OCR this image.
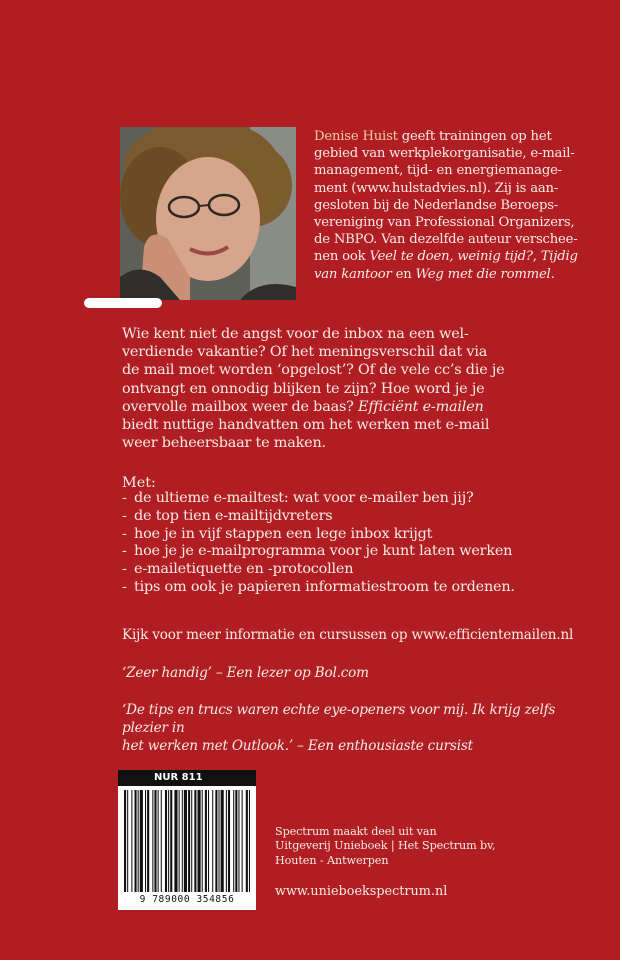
Denise Huist geeft trainingen op het
gebied van werkplekorganisatie, e-mail-
management, tijd- en energiemanage-
ment (www.hulstadvies.nl). Zij is aan-
gesloten bij de Nederlandse Beroeps-
vereniging van Professional Organizers,
de NBPO. Van dezelfde auteur verschee-
nen ook Veel te doen, weinig tijd?, Tijdig
van kantoor en Weg met die rommel.
Wie kent niet de angst voor de inbox na een wel-
verdiende vakantie? Of het meningsverschil dat via
de mail moet worden ‘opgelost’? Of de vele cc’s die je
ontvangt en onnodig blijken te zijn? Hoe word je je
overvolle mailbox weer de baas? Efficiënt e-mailen
biedt nuttige handvatten om het werken met e-mail
weer beheersbaar te maken.
Met:
- de ultieme e-mailtest: wat voor e-mailer ben jij?
- de top tien e-mailtijdvreters
- hoe je in vijf stappen een lege inbox krijgt
- hoe je je e-mailprogramma voor je kunt laten werken
- e-mailetiquette en -protocollen
- tips om ook je papieren informatiestroom te ordenen.
Kijk voor meer informatie en cursussen op www.efficientemailen.nl
‘Zeer handig’ – Een lezer op Bol.com
‘De tips en trucs waren echte eye-openers voor mij. Ik krijg zelfs plezier in
het werken met Outlook.’ – Een enthousiaste cursist
NUR 811
9 789000 354856
Spectrum maakt deel uit van
Uitgeverij Unieboek | Het Spectrum bv,
Houten - Antwerpen
www.unieboekspectrum.nl
